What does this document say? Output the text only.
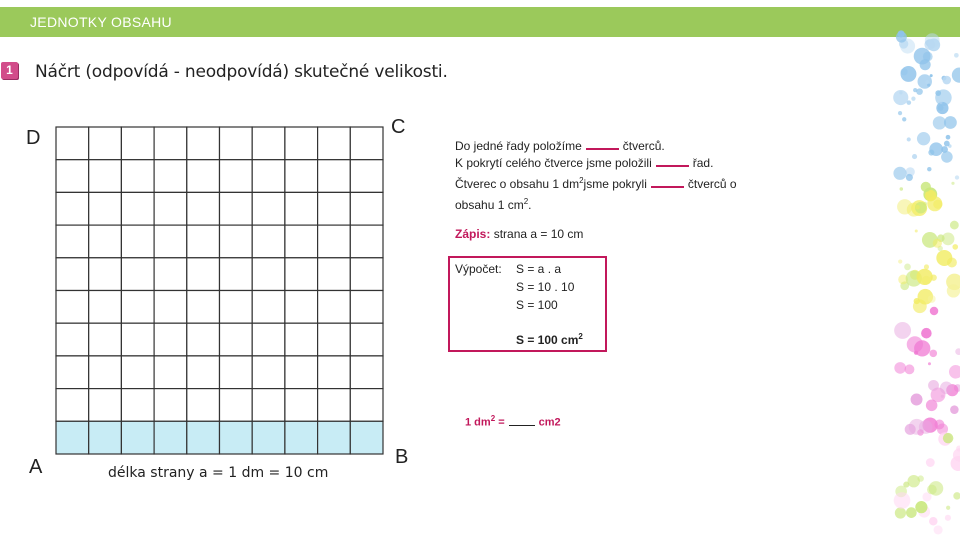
JEDNOTKY OBSAHU
1	Náčrt (odpovídá - neodpovídá) skutečné velikosti.
D	C
A	B
délka strany a = 1 dm = 10 cm
Do jedné řady položíme	čtverců.
K pokrytí celého čtverce jsme položili	řad.
Čtverec o obsahu 1 $dm^2jsme$ pokryli	čtverců o
obsahu 1 $cm^2$.
Zápis: strana a = 10 cm
Výpočet: S = a . a
S = 10 . 10
S = 100
S = 100 $cm^2$
1 $dm^2$ =	cm2
